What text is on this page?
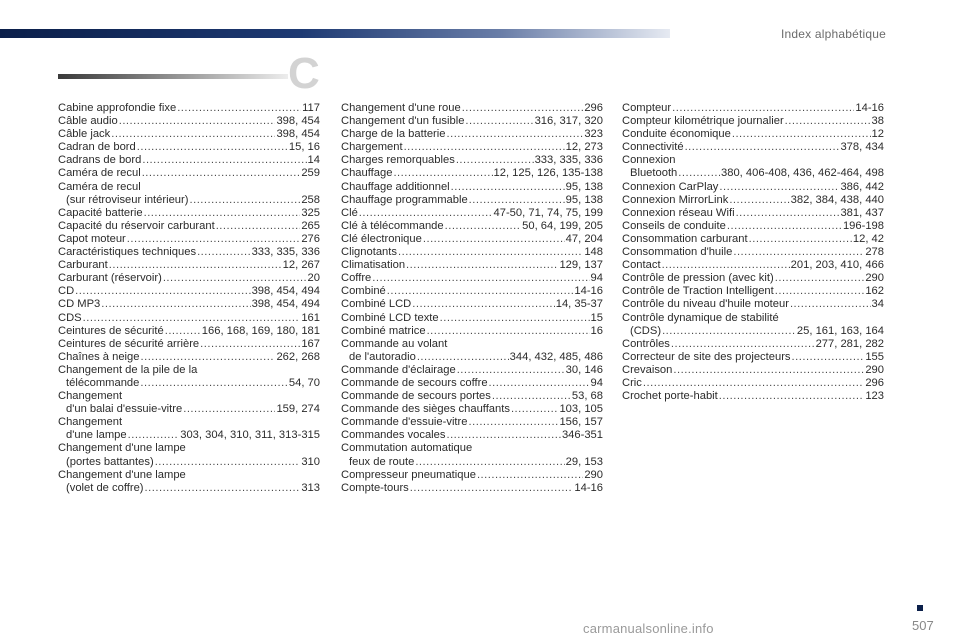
Index alphabétique
C
Cabine approfondie fixe .....	117
Câble audio .....	398, 454
Câble jack .....	398, 454
Cadran de bord .....	15, 16
Cadrans de bord .....	14
Caméra de recul .....	259
Caméra de recul
(sur rétroviseur intérieur) .....	258
Capacité batterie .....	325
Capacité du réservoir carburant .....	265
Capot moteur .....	276
Caractéristiques techniques .....	333, 335, 336
Carburant .....	12, 267
Carburant (réservoir) .....	20
CD .....	398, 454, 494
CD MP3 .....	398, 454, 494
CDS .....	161
Ceintures de sécurité .....	166, 168, 169, 180, 181
Ceintures de sécurité arrière .....	167
Chaînes à neige .....	262, 268
Changement de la pile de la
télécommande .....	54, 70
Changement
d'un balai d'essuie-vitre .....	159, 274
Changement
d'une lampe .....	303, 304, 310, 311, 313-315
Changement d'une lampe
(portes battantes) .....	310
Changement d'une lampe
(volet de coffre) .....	313
Changement d'une roue .....	296
Changement d'un fusible .....	316, 317, 320
Charge de la batterie .....	323
Chargement .....	12, 273
Charges remorquables .....	333, 335, 336
Chauffage .....	12, 125, 126, 135-138
Chauffage additionnel .....	95, 138
Chauffage programmable .....	95, 138
Clé .....	47-50, 71, 74, 75, 199
Clé à télécommande .....	50, 64, 199, 205
Clé électronique .....	47, 204
Clignotants .....	148
Climatisation .....	129, 137
Coffre .....	94
Combiné .....	14-16
Combiné LCD .....	14, 35-37
Combiné LCD texte .....	15
Combiné matrice .....	16
Commande au volant
de l'autoradio .....	344, 432, 485, 486
Commande d'éclairage .....	30, 146
Commande de secours coffre .....	94
Commande de secours portes .....	53, 68
Commande des sièges chauffants .....	103, 105
Commande d'essuie-vitre .....	156, 157
Commandes vocales .....	346-351
Commutation automatique
feux de route .....	29, 153
Compresseur pneumatique .....	290
Compte-tours .....	14-16
Compteur .....	14-16
Compteur kilométrique journalier .....	38
Conduite économique .....	12
Connectivité .....	378, 434
Connexion
Bluetooth .....	380, 406-408, 436, 462-464, 498
Connexion CarPlay .....	386, 442
Connexion MirrorLink .....	382, 384, 438, 440
Connexion réseau Wifi .....	381, 437
Conseils de conduite .....	196-198
Consommation carburant .....	12, 42
Consommation d'huile .....	278
Contact .....	201, 203, 410, 466
Contrôle de pression (avec kit) .....	290
Contrôle de Traction Intelligent .....	162
Contrôle du niveau d'huile moteur .....	34
Contrôle dynamique de stabilité
(CDS) .....	25, 161, 163, 164
Contrôles .....	277, 281, 282
Correcteur de site des projecteurs .....	155
Crevaison .....	290
Cric .....	296
Crochet porte-habit .....	123
507
carmanualsonline.info
